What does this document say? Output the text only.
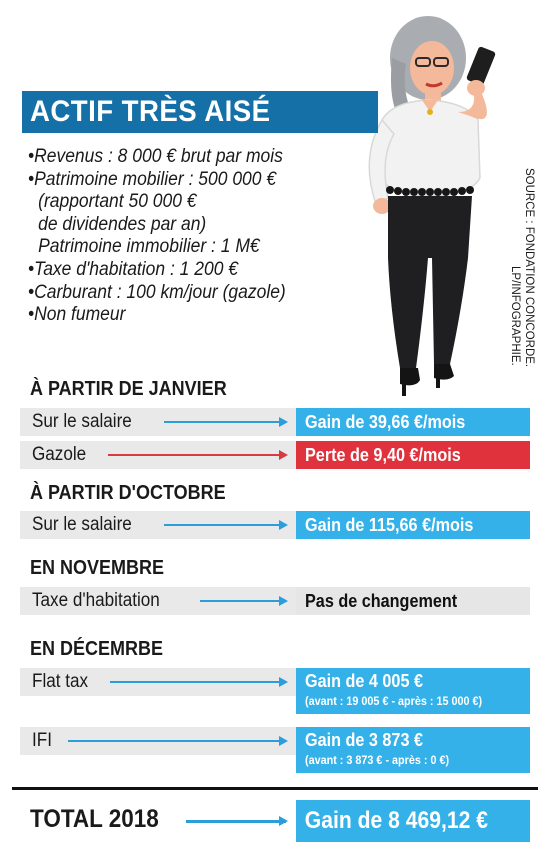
ACTIF TRÈS AISÉ
•Revenus : 8 000 € brut par mois
•Patrimoine mobilier : 500 000 €
(rapportant 50 000 €
de dividendes par an)
Patrimoine immobilier : 1 M€
•Taxe d'habitation : 1 200 €
•Carburant : 100 km/jour (gazole)
•Non fumeur	LP/INFOGRAPHIE. SOURCE : FONDATION CONCORDE.
À PARTIR DE JANVIER
Sur le salaire	Gain de 39,66 €/mois
Gazole	Perte de 9,40 €/mois
À PARTIR D'OCTOBRE
Sur le salaire	Gain de 115,66 €/mois
EN NOVEMBRE
Taxe d'habitation	Pas de changement
EN DÉCEMRBE
Flat tax	Gain de 4 005 €
(avant : 19 005 € - après : 15 000 €)
IFI	Gain de 3 873 €
(avant : 3 873 € - après : 0 €)
TOTAL 2018	Gain de 8 469,12 €
